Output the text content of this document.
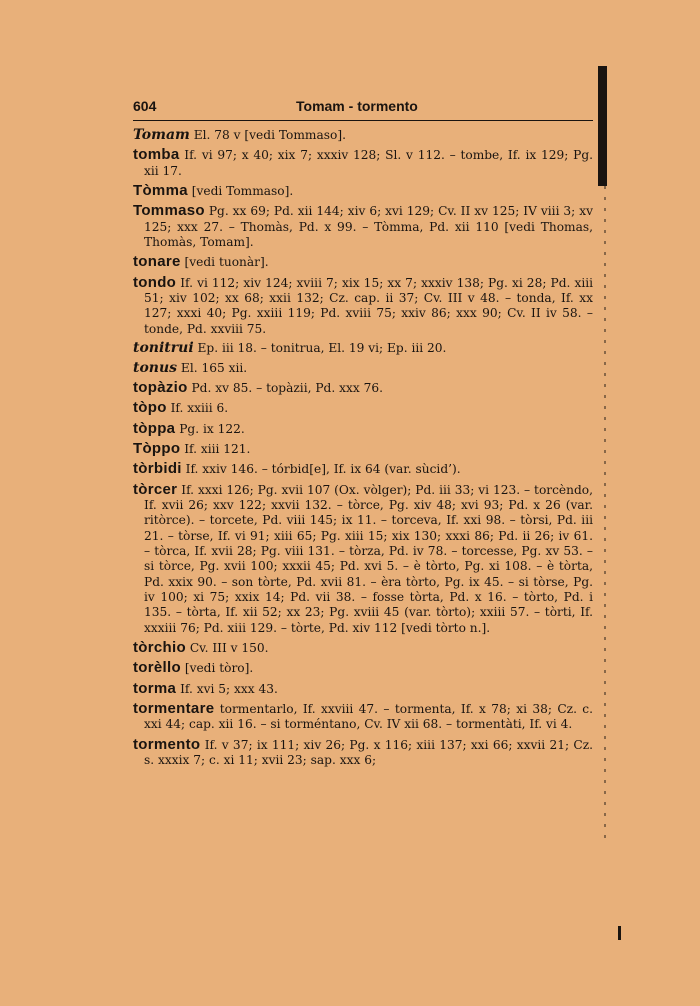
604	Tomam - tormento

Tomam El. 78 v [vedi Tommaso].

tomba If. vi 97; x 40; xix 7; xxxiv 128; Sl. v 112. – tombe, If. ix 129; Pg. xii 17.

Tòmma [vedi Tommaso].

Tommaso Pg. xx 69; Pd. xii 144; xiv 6; xvi 129; Cv. II xv 125; IV viii 3; xv 125; xxx 27. – Thomàs, Pd. x 99. – Tòmma, Pd. xii 110 [vedi Thomas, Thomàs, Tomam].

tonare [vedi tuonàr].

tondo If. vi 112; xiv 124; xviii 7; xix 15; xx 7; xxxiv 138; Pg. xi 28; Pd. xiii 51; xiv 102; xx 68; xxii 132; Cz. cap. ii 37; Cv. III v 48. – tonda, If. xx 127; xxxi 40; Pg. xxiii 119; Pd. xviii 75; xxiv 86; xxx 90; Cv. II iv 58. – tonde, Pd. xxviii 75.

tonitrui Ep. iii 18. – tonitrua, El. 19 vi; Ep. iii 20.

tonus El. 165 xii.

topàzio Pd. xv 85. – topàzii, Pd. xxx 76.

tòpo If. xxiii 6.

tòppa Pg. ix 122.

Tòppo If. xiii 121.

tòrbidi If. xxiv 146. – tórbid[e], If. ix 64 (var. sùcid’).

tòrcer If. xxxi 126; Pg. xvii 107 (Ox. vòlger); Pd. iii 33; vi 123. – torcèndo, If. xvii 26; xxv 122; xxvii 132. – tòrce, Pg. xiv 48; xvi 93; Pd. x 26 (var. ritòrce). – torcete, Pd. viii 145; ix 11. – torceva, If. xxi 98. – tòrsi, Pd. iii 21. – tòrse, If. vi 91; xiii 65; Pg. xiii 15; xix 130; xxxi 86; Pd. ii 26; iv 61. – tòrca, If. xvii 28; Pg. viii 131. – tòrza, Pd. iv 78. – torcesse, Pg. xv 53. – si tòrce, Pg. xvii 100; xxxii 45; Pd. xvi 5. – è tòrto, Pg. xi 108. – è tòrta, Pd. xxix 90. – son tòrte, Pd. xvii 81. – èra tòrto, Pg. ix 45. – si tòrse, Pg. iv 100; xi 75; xxix 14; Pd. vii 38. – fosse tòrta, Pd. x 16. – tòrto, Pd. i 135. – tòrta, If. xii 52; xx 23; Pg. xviii 45 (var. tòrto); xxiii 57. – tòrti, If. xxxiii 76; Pd. xiii 129. – tòrte, Pd. xiv 112 [vedi tòrto n.].

tòrchio Cv. III v 150.

torèllo [vedi tòro].

torma If. xvi 5; xxx 43.

tormentare tormentarlo, If. xxviii 47. – tormenta, If. x 78; xi 38; Cz. c. xxi 44; cap. xii 16. – si torméntano, Cv. IV xii 68. – tormentàti, If. vi 4.

tormento If. v 37; ix 111; xiv 26; Pg. x 116; xiii 137; xxi 66; xxvii 21; Cz. s. xxxix 7; c. xi 11; xvii 23; sap. xxx 6;
